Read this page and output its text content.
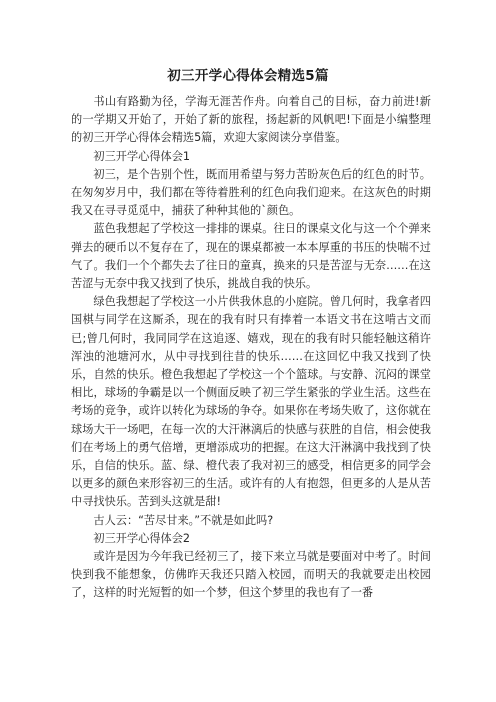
初三开学心得体会精选5篇

书山有路勤为径，学海无涯苦作舟。向着自己的目标，奋力前进!新的一学期又开始了，开始了新的旅程，扬起新的风帆吧!下面是小编整理的初三开学心得体会精选5篇，欢迎大家阅读分享借鉴。

初三开学心得体会1

初三，是个告别个性，既而用希望与努力苦盼灰色后的红色的时节。在匆匆岁月中，我们都在等待着胜利的红色向我们迎来。在这灰色的时期我又在寻寻觅觅中，捕获了种种其他的`颜色。

蓝色我想起了学校这一排排的课桌。往日的课桌文化与这一个个弹来弹去的硬币以不复存在了，现在的课桌都被一本本厚重的书压的快喘不过气了。我们一个个都失去了往日的童真，换来的只是苦涩与无奈……在这苦涩与无奈中我又找到了快乐，挑战自我的快乐。

绿色我想起了学校这一小片供我休息的小庭院。曾几何时，我拿者四国棋与同学在这厮杀，现在的我有时只有捧着一本语文书在这啃古文而已;曾几何时，我同同学在这追逐、嬉戏，现在的我有时只能轻触这稍许浑浊的池塘河水，从中寻找到往昔的快乐……在这回忆中我又找到了快乐，自然的快乐。橙色我想起了学校这一个个篮球。与安静、沉闷的课堂相比，球场的争霸是以一个侧面反映了初三学生紧张的学业生活。这些在考场的竞争，或许以转化为球场的争夺。如果你在考场失败了，这你就在球场大干一场吧，在每一次的大汗淋漓后的快感与获胜的自信，相会使我们在考场上的勇气倍增，更增添成功的把握。在这大汗淋漓中我找到了快乐，自信的快乐。蓝、绿、橙代表了我对初三的感受，相信更多的同学会以更多的颜色来形容初三的生活。或许有的人有抱怨，但更多的人是从苦中寻找快乐。苦到头这就是甜!

古人云：“苦尽甘来。”不就是如此吗?

初三开学心得体会2

或许是因为今年我已经初三了，接下来立马就是要面对中考了。时间快到我不能想象，仿佛昨天我还只踏入校园，而明天的我就要走出校园了，这样的时光短暂的如一个梦，但这个梦里的我也有了一番
